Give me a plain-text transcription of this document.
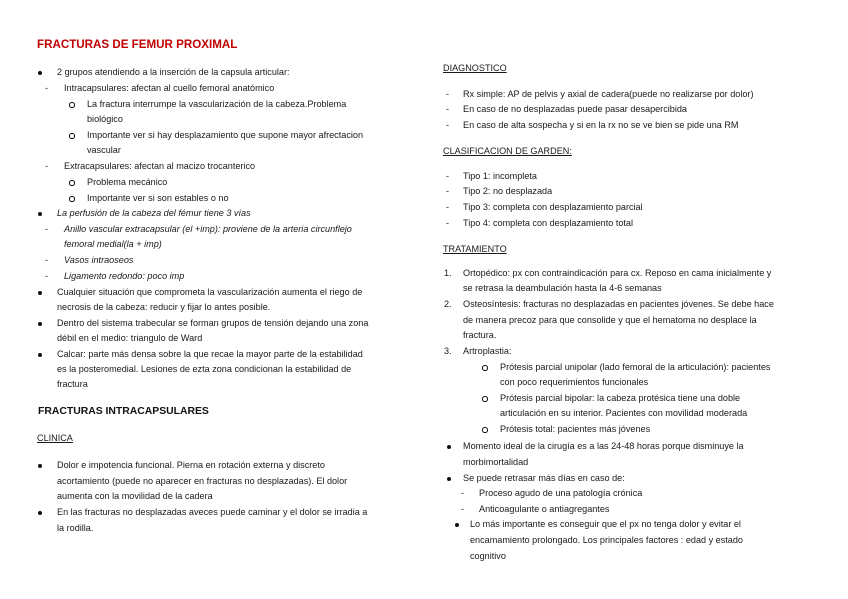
FRACTURAS DE FEMUR PROXIMAL
2 grupos atendiendo a la inserción de la capsula articular:
- Intracapsulares: afectan al cuello femoral anatómico
La fractura interrumpe la vascularización de la cabeza.Problema
biológico
Importante ver si hay desplazamiento que supone mayor afrectacion
vascular
- Extracapsulares: afectan al macizo trocanterico
Problema mecánico
Importante ver si son estables o no
La perfusión de la cabeza del fémur tiene 3 vías
- Anillo vascular extracapsular (el +imp): proviene de la arteria circunflejo
femoral medial(la + imp)
- Vasos intraoseos
- Ligamento redondo: poco imp
Cualquier situación que comprometa la vascularización aumenta el riego de
necrosis de la cabeza: reducir y fijar lo antes posible.
Dentro del sistema trabecular se forman grupos de tensión dejando una zona
débil en el medio: triangulo de Ward
Calcar: parte más densa sobre la que recae la mayor parte de la estabilidad
es la posteromedial. Lesiones de ezta zona condicionan la estabilidad de
fractura
FRACTURAS INTRACAPSULARES
CLINICA
Dolor e impotencia funcional. Pierna en rotación externa y discreto
acortamiento (puede no aparecer en fracturas no desplazadas). El dolor
aumenta con la movilidad de la cadera
En las fracturas no desplazadas aveces puede caminar y el dolor se irradia a
la rodilla.
DIAGNOSTICO
- Rx simple: AP de pelvis y axial de cadera(puede no realizarse por dolor)
- En caso de no desplazadas puede pasar desapercibida
- En caso de alta sospecha y si en la rx no se ve bien se pide una RM
CLASIFICACION DE GARDEN:
- Tipo 1: incompleta
- Tipo 2: no desplazada
- Tipo 3: completa con desplazamiento parcial
- Tipo 4: completa con desplazamiento total
TRATAMIENTO
1. Ortopédico: px con contraindicación para cx. Reposo en cama inicialmente y
se retrasa la deambulación hasta la 4-6 semanas
2. Osteosíntesis: fracturas no desplazadas en pacientes jóvenes. Se debe hace
de manera precoz para que consolide y que el hematoma no desplace la
fractura.
3. Artroplastia:
Prótesis parcial unipolar (lado femoral de la articulación): pacientes
con poco requerimientos funcionales
Prótesis parcial bipolar: la cabeza protésica tiene una doble
articulación en su interior. Pacientes con movilidad moderada
Prótesis total: pacientes más jóvenes
Momento ideal de la cirugía es a las 24-48 horas porque disminuye la
morbimortalidad
Se puede retrasar más días en caso de:
- Proceso agudo de una patología crónica
- Anticoagulante o antiagregantes
Lo más importante es conseguir que el px no tenga dolor y evitar el
encamamiento prolongado. Los principales factores : edad y estado
cognitivo
